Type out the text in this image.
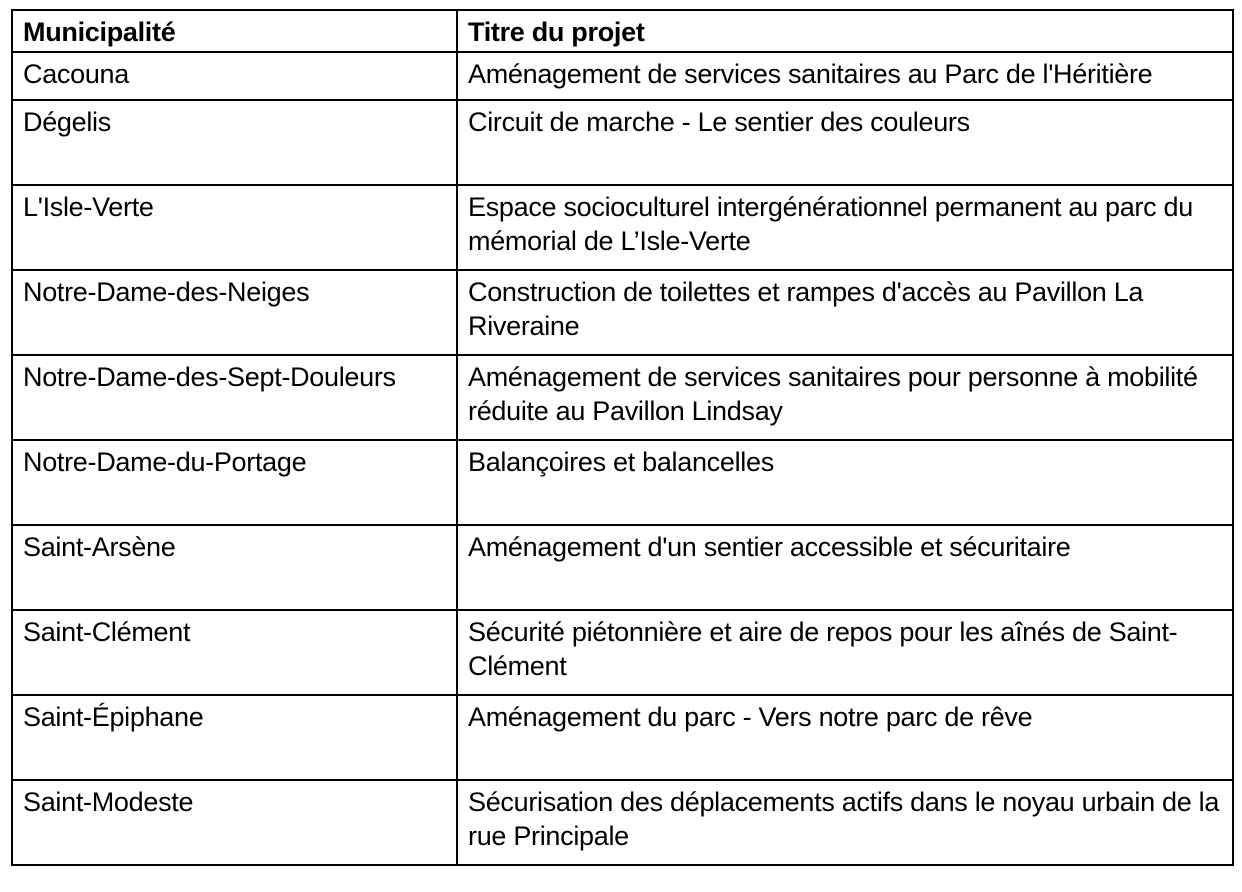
Municipalité	Titre du projet
Cacouna	Aménagement de services sanitaires au Parc de l'Héritière
Dégelis	Circuit de marche - Le sentier des couleurs
L'Isle-Verte	Espace socioculturel intergénérationnel permanent au parc du mémorial de L’Isle-Verte
Notre-Dame-des-Neiges	Construction de toilettes et rampes d'accès au Pavillon La Riveraine
Notre-Dame-des-Sept-Douleurs	Aménagement de services sanitaires pour personne à mobilité réduite au Pavillon Lindsay
Notre-Dame-du-Portage	Balançoires et balancelles
Saint-Arsène	Aménagement d'un sentier accessible et sécuritaire
Saint-Clément	Sécurité piétonnière et aire de repos pour les aînés de Saint-Clément
Saint-Épiphane	Aménagement du parc - Vers notre parc de rêve
Saint-Modeste	Sécurisation des déplacements actifs dans le noyau urbain de la rue Principale
